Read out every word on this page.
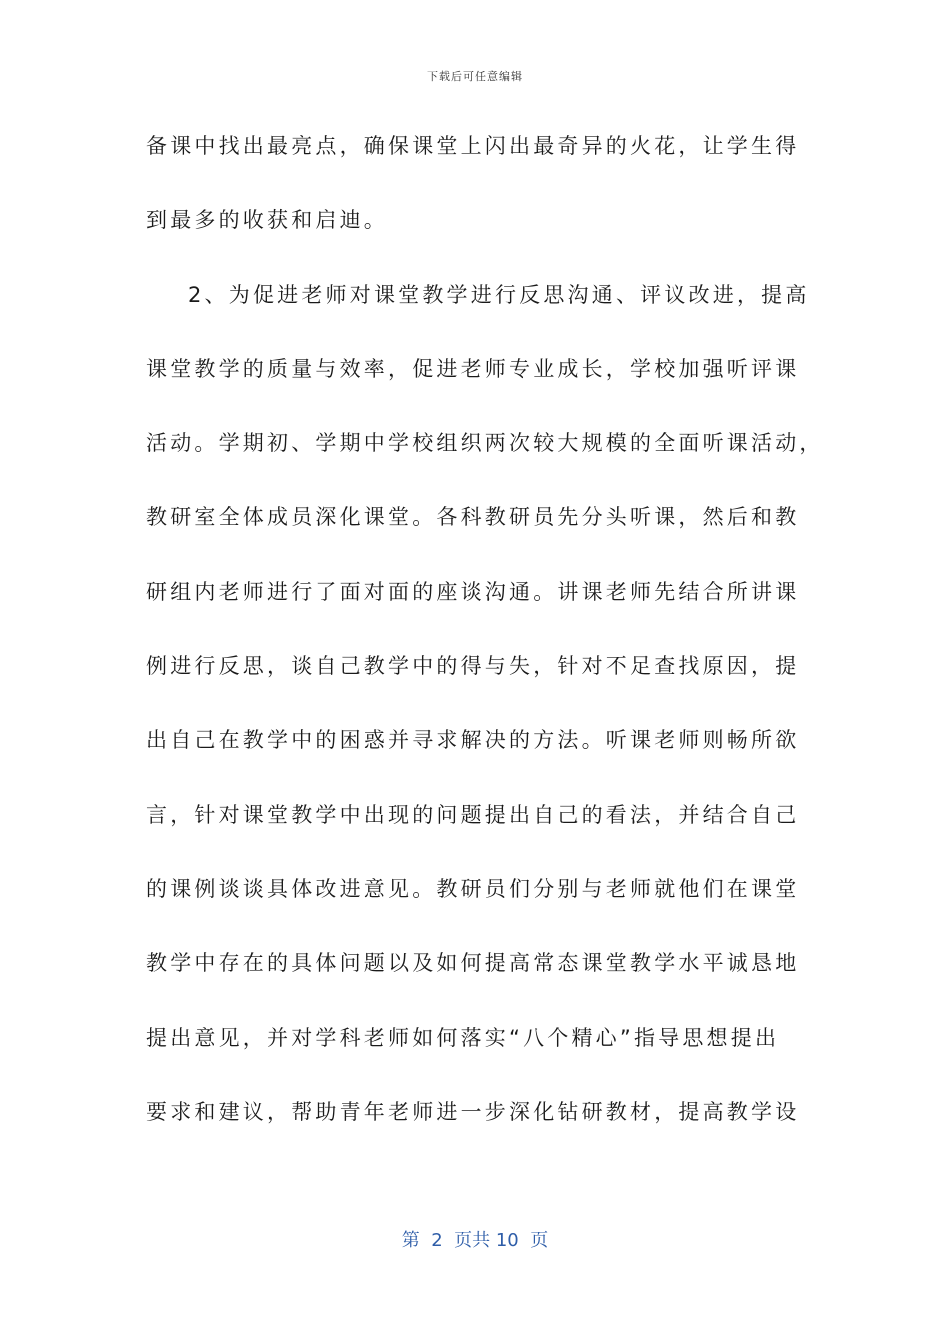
下载后可任意编辑
备课中找出最亮点，确保课堂上闪出最奇异的火花，让学生得
到最多的收获和启迪。
2、为促进老师对课堂教学进行反思沟通、评议改进，提高
课堂教学的质量与效率，促进老师专业成长，学校加强听评课
活动。学期初、学期中学校组织两次较大规模的全面听课活动，
教研室全体成员深化课堂。各科教研员先分头听课，然后和教
研组内老师进行了面对面的座谈沟通。讲课老师先结合所讲课
例进行反思，谈自己教学中的得与失，针对不足查找原因，提
出自己在教学中的困惑并寻求解决的方法。听课老师则畅所欲
言，针对课堂教学中出现的问题提出自己的看法，并结合自己
的课例谈谈具体改进意见。教研员们分别与老师就他们在课堂
教学中存在的具体问题以及如何提高常态课堂教学水平诚恳地
提出意见，并对学科老师如何落实“八个精心”指导思想提出
要求和建议，帮助青年老师进一步深化钻研教材，提高教学设
第  2  页共 10  页
